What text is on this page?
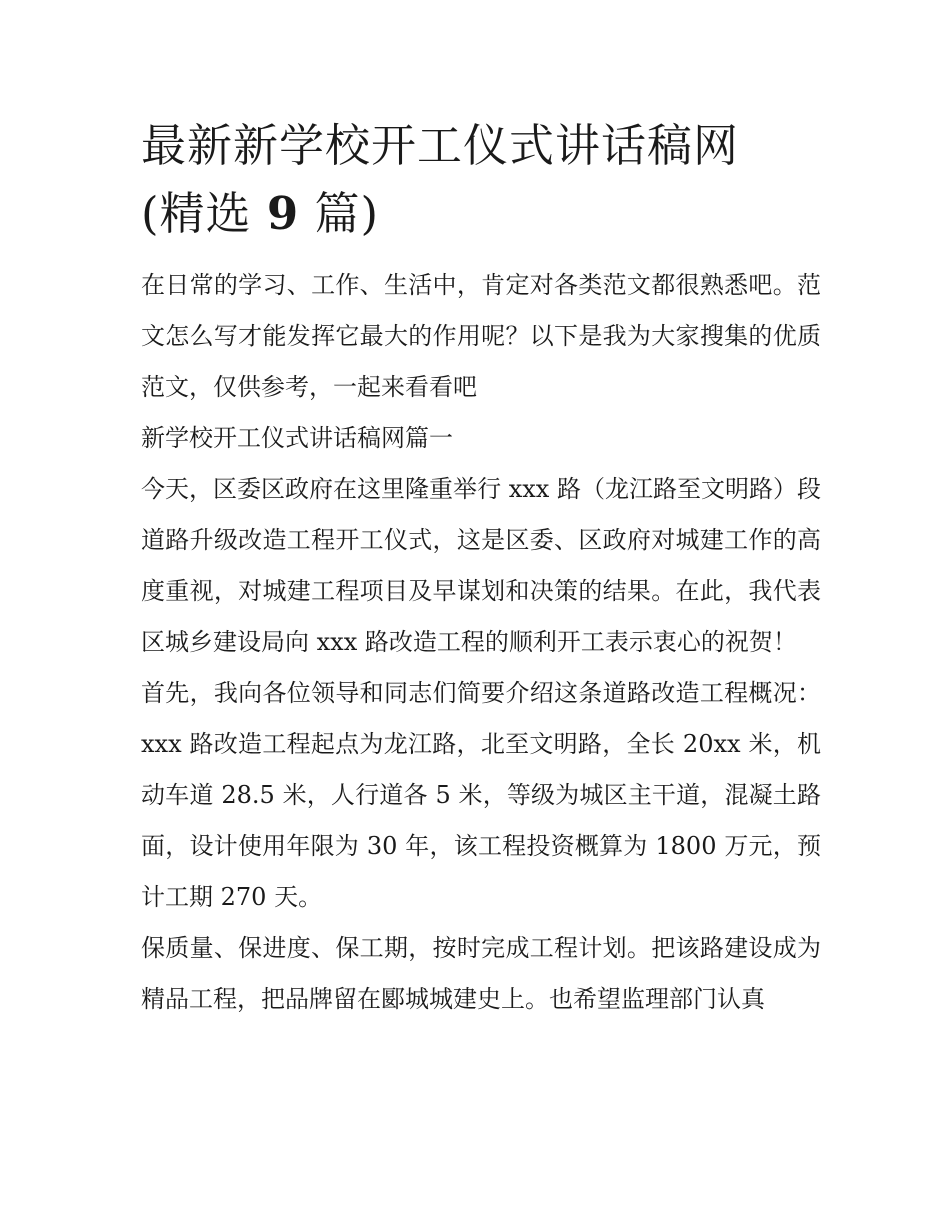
最新新学校开工仪式讲话稿网
(精选 9 篇)

在日常的学习、工作、生活中，肯定对各类范文都很熟悉吧。范文怎么写才能发挥它最大的作用呢？以下是我为大家搜集的优质范文，仅供参考，一起来看看吧

新学校开工仪式讲话稿网篇一

今天，区委区政府在这里隆重举行 xxx 路（龙江路至文明路）段道路升级改造工程开工仪式，这是区委、区政府对城建工作的高度重视，对城建工程项目及早谋划和决策的结果。在此，我代表区城乡建设局向 xxx 路改造工程的顺利开工表示衷心的祝贺！

首先，我向各位领导和同志们简要介绍这条道路改造工程概况：xxx 路改造工程起点为龙江路，北至文明路，全长 20xx 米，机动车道 28.5 米，人行道各 5 米，等级为城区主干道，混凝土路面，设计使用年限为 30 年，该工程投资概算为 1800 万元，预计工期 270 天。

保质量、保进度、保工期，按时完成工程计划。把该路建设成为精品工程，把品牌留在郾城城建史上。也希望监理部门认真
